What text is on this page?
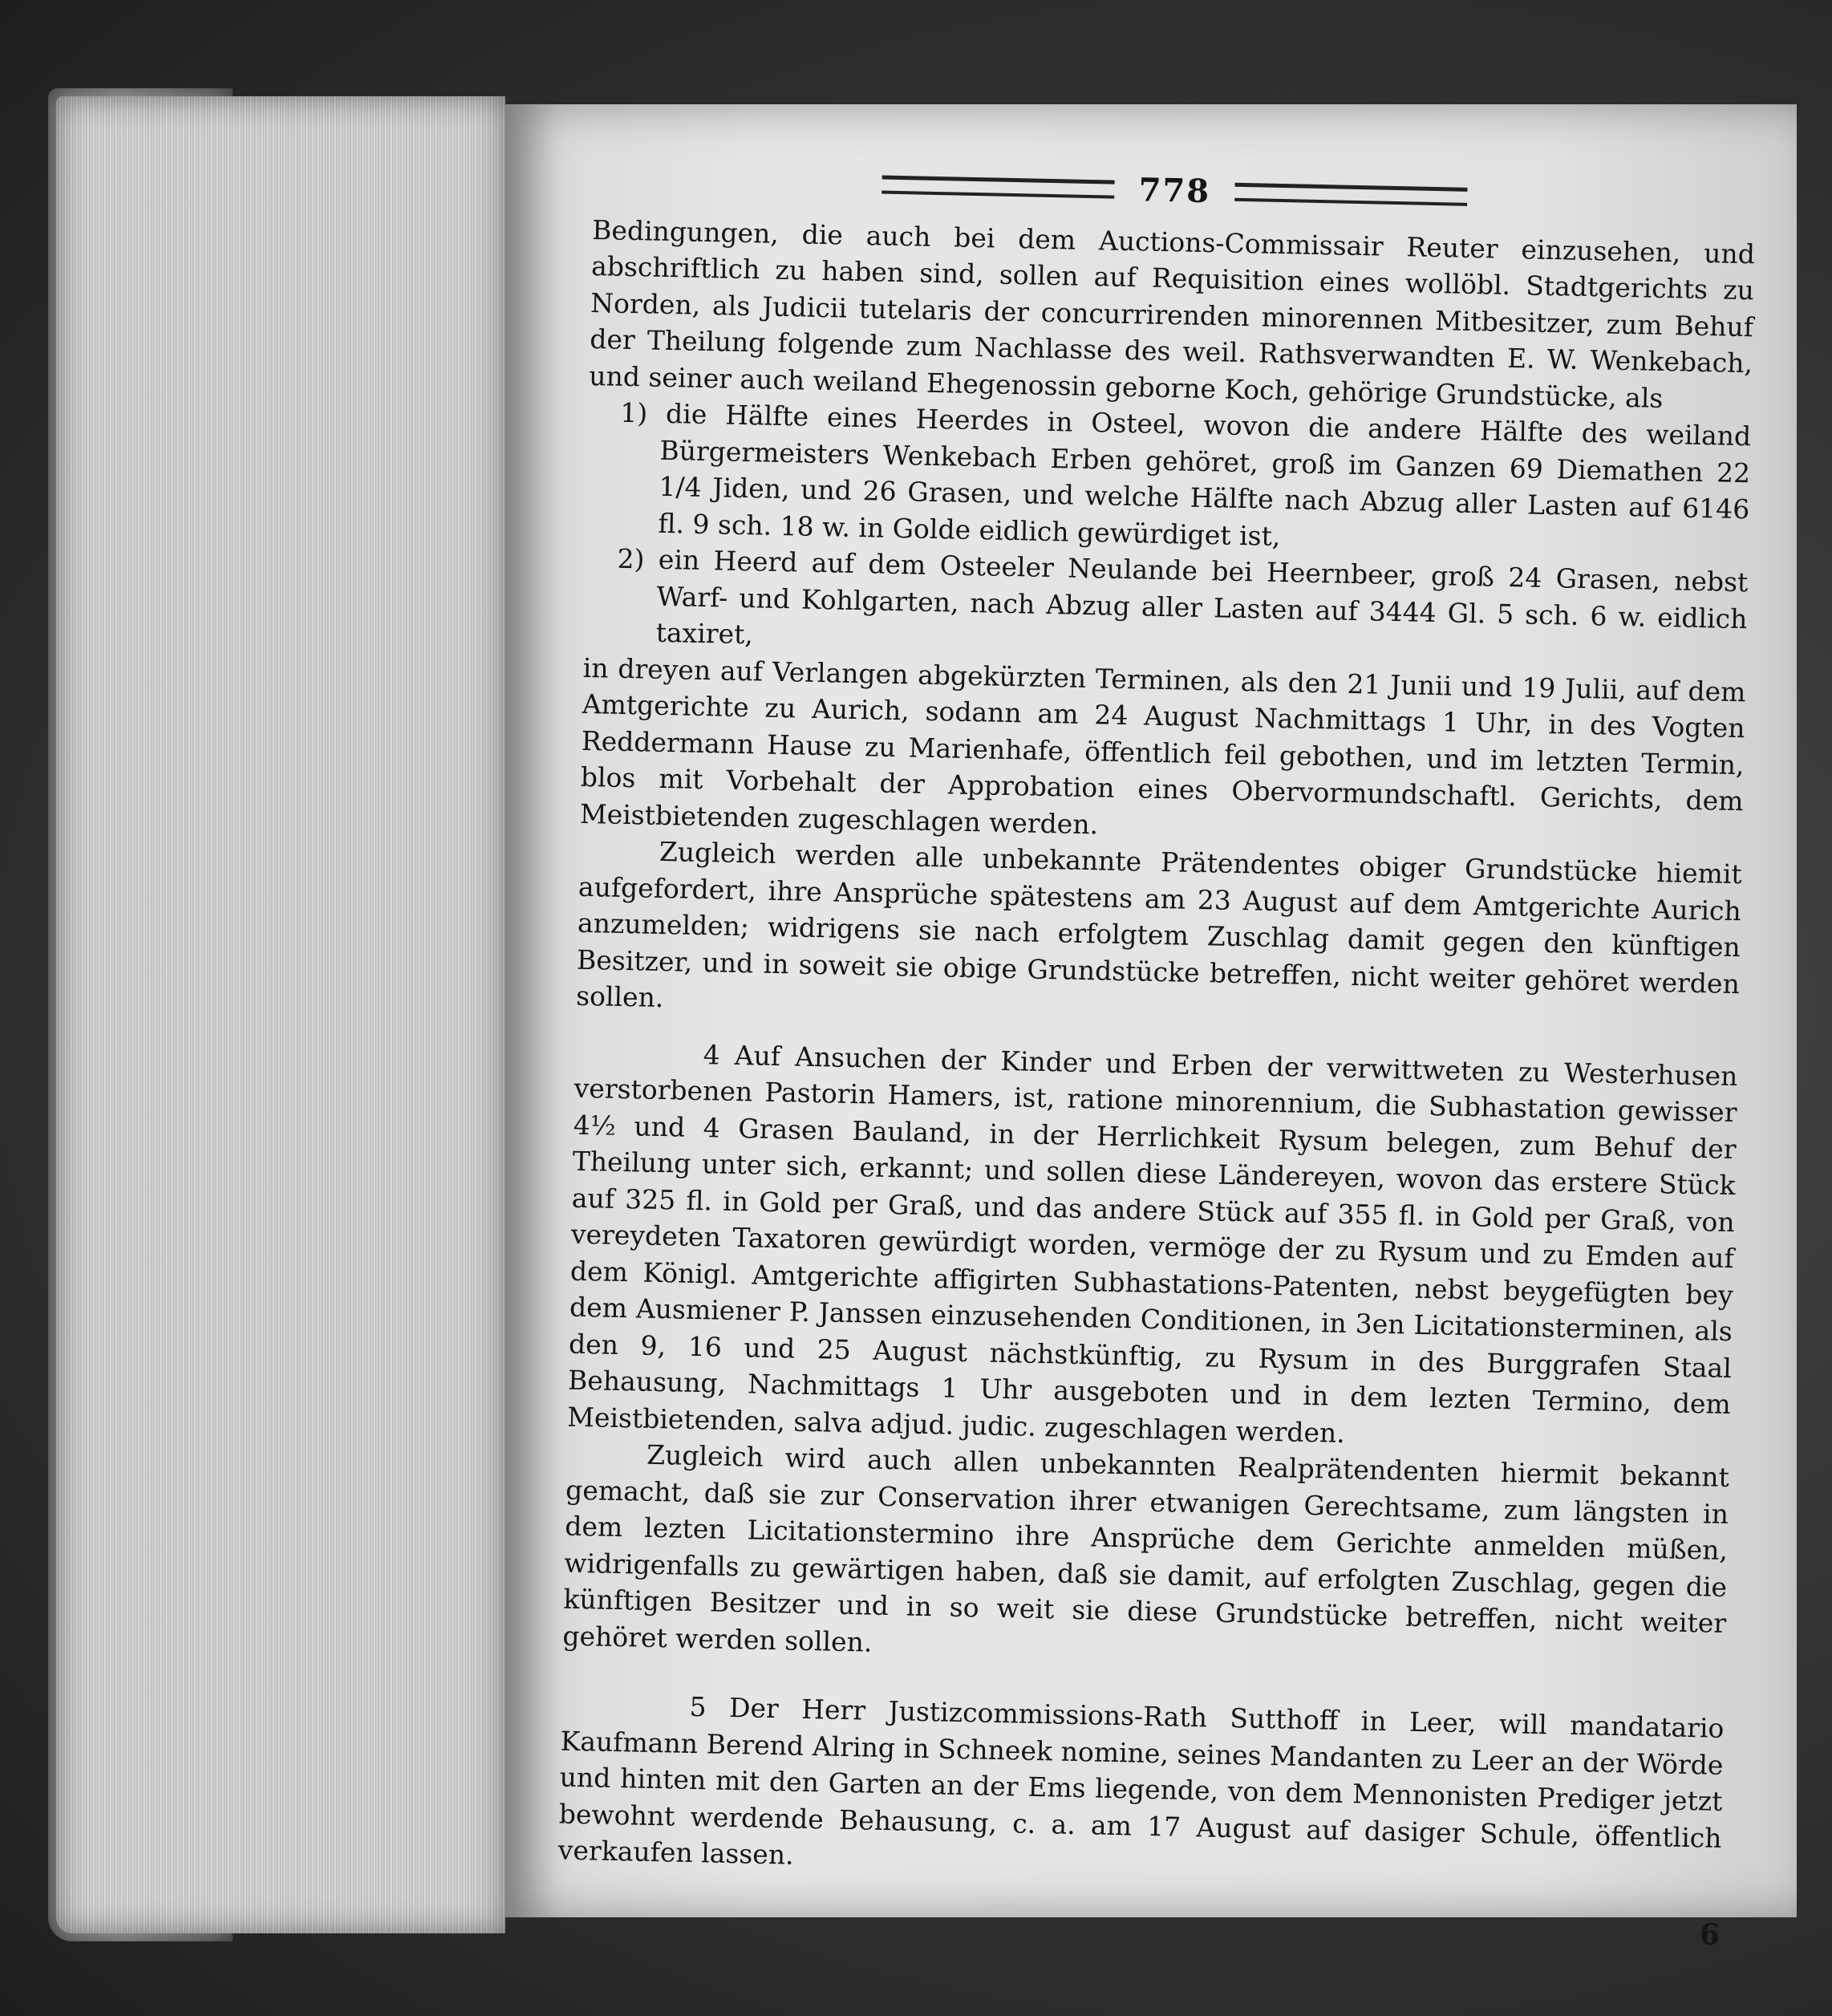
778

Bedingungen, die auch bei dem Auctions-Commissair Reuter einzusehen, und abschriftlich zu haben sind, sollen auf Requisition eines wollöbl. Stadtgerichts zu Norden, als Judicii tutelaris der concurrirenden minorennen Mitbesitzer, zum Behuf der Theilung folgende zum Nachlasse des weil. Rathsverwandten E. W. Wenkebach, und seiner auch weiland Ehegenossin geborne Koch, gehörige Grundstücke, als

1) die Hälfte eines Heerdes in Osteel, wovon die andere Hälfte des weiland Bürgermeisters Wenkebach Erben gehöret, groß im Ganzen 69 Diemathen 22 1/4 Jiden, und 26 Grasen, und welche Hälfte nach Abzug aller Lasten auf 6146 fl. 9 sch. 18 w. in Golde eidlich gewürdiget ist,

2) ein Heerd auf dem Osteeler Neulande bei Heernbeer, groß 24 Grasen, nebst Warf- und Kohlgarten, nach Abzug aller Lasten auf 3444 Gl. 5 sch. 6 w. eidlich taxiret,

in dreyen auf Verlangen abgekürzten Terminen, als den 21 Junii und 19 Julii, auf dem Amtgerichte zu Aurich, sodann am 24 August Nachmittags 1 Uhr, in des Vogten Reddermann Hause zu Marienhafe, öffentlich feil gebothen, und im letzten Termin, blos mit Vorbehalt der Approbation eines Obervormundschaftl. Gerichts, dem Meistbietenden zugeschlagen werden.

Zugleich werden alle unbekannte Prätendentes obiger Grundstücke hiemit aufgefordert, ihre Ansprüche spätestens am 23 August auf dem Amtgerichte Aurich anzumelden; widrigens sie nach erfolgtem Zuschlag damit gegen den künftigen Besitzer, und in soweit sie obige Grundstücke betreffen, nicht weiter gehöret werden sollen.

4 Auf Ansuchen der Kinder und Erben der verwittweten zu Westerhusen verstorbenen Pastorin Hamers, ist, ratione minorennium, die Subhastation gewisser 4½ und 4 Grasen Bauland, in der Herrlichkeit Rysum belegen, zum Behuf der Theilung unter sich, erkannt; und sollen diese Ländereyen, wovon das erstere Stück auf 325 fl. in Gold per Graß, und das andere Stück auf 355 fl. in Gold per Graß, von vereydeten Taxatoren gewürdigt worden, vermöge der zu Rysum und zu Emden auf dem Königl. Amtgerichte affigirten Subhastations-Patenten, nebst beygefügten bey dem Ausmiener P. Janssen einzusehenden Conditionen, in 3en Licitationsterminen, als den 9, 16 und 25 August nächstkünftig, zu Rysum in des Burggrafen Staal Behausung, Nachmittags 1 Uhr ausgeboten und in dem lezten Termino, dem Meistbietenden, salva adjud. judic. zugeschlagen werden.

Zugleich wird auch allen unbekannten Realprätendenten hiermit bekannt gemacht, daß sie zur Conservation ihrer etwanigen Gerechtsame, zum längsten in dem lezten Licitationstermino ihre Ansprüche dem Gerichte anmelden müßen, widrigenfalls zu gewärtigen haben, daß sie damit, auf erfolgten Zuschlag, gegen die künftigen Besitzer und in so weit sie diese Grundstücke betreffen, nicht weiter gehöret werden sollen.

5 Der Herr Justizcommissions-Rath Sutthoff in Leer, will mandatario Kaufmann Berend Alring in Schneek nomine, seines Mandanten zu Leer an der Wörde und hinten mit den Garten an der Ems liegende, von dem Mennonisten Prediger jetzt bewohnt werdende Behausung, c. a. am 17 August auf dasiger Schule, öffentlich verkaufen lassen.

6
